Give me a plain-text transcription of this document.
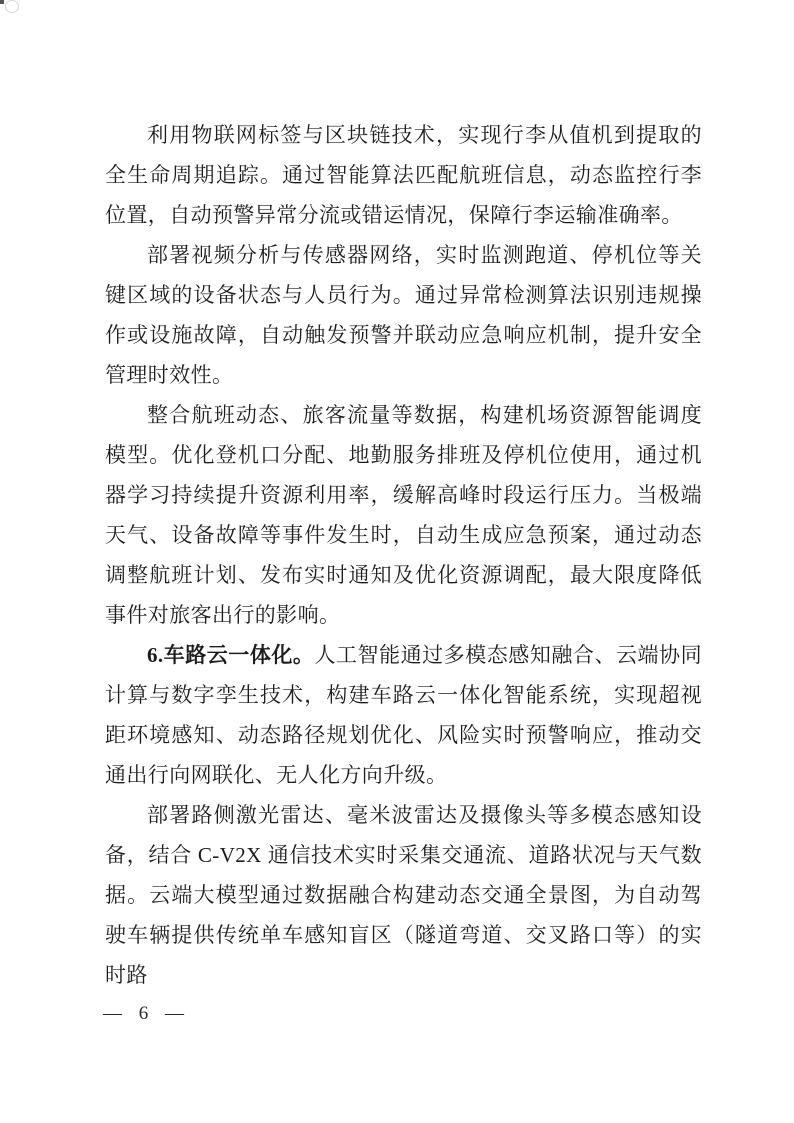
利用物联网标签与区块链技术，实现行李从值机到提取的全生命周期追踪。通过智能算法匹配航班信息，动态监控行李位置，自动预警异常分流或错运情况，保障行李运输准确率。

部署视频分析与传感器网络，实时监测跑道、停机位等关键区域的设备状态与人员行为。通过异常检测算法识别违规操作或设施故障，自动触发预警并联动应急响应机制，提升安全管理时效性。

整合航班动态、旅客流量等数据，构建机场资源智能调度模型。优化登机口分配、地勤服务排班及停机位使用，通过机器学习持续提升资源利用率，缓解高峰时段运行压力。当极端天气、设备故障等事件发生时，自动生成应急预案，通过动态调整航班计划、发布实时通知及优化资源调配，最大限度降低事件对旅客出行的影响。

6.车路云一体化。人工智能通过多模态感知融合、云端协同计算与数字孪生技术，构建车路云一体化智能系统，实现超视距环境感知、动态路径规划优化、风险实时预警响应，推动交通出行向网联化、无人化方向升级。

部署路侧激光雷达、毫米波雷达及摄像头等多模态感知设备，结合 C-V2X 通信技术实时采集交通流、道路状况与天气数据。云端大模型通过数据融合构建动态交通全景图，为自动驾驶车辆提供传统单车感知盲区（隧道弯道、交叉路口等）的实时路

— 6 —
